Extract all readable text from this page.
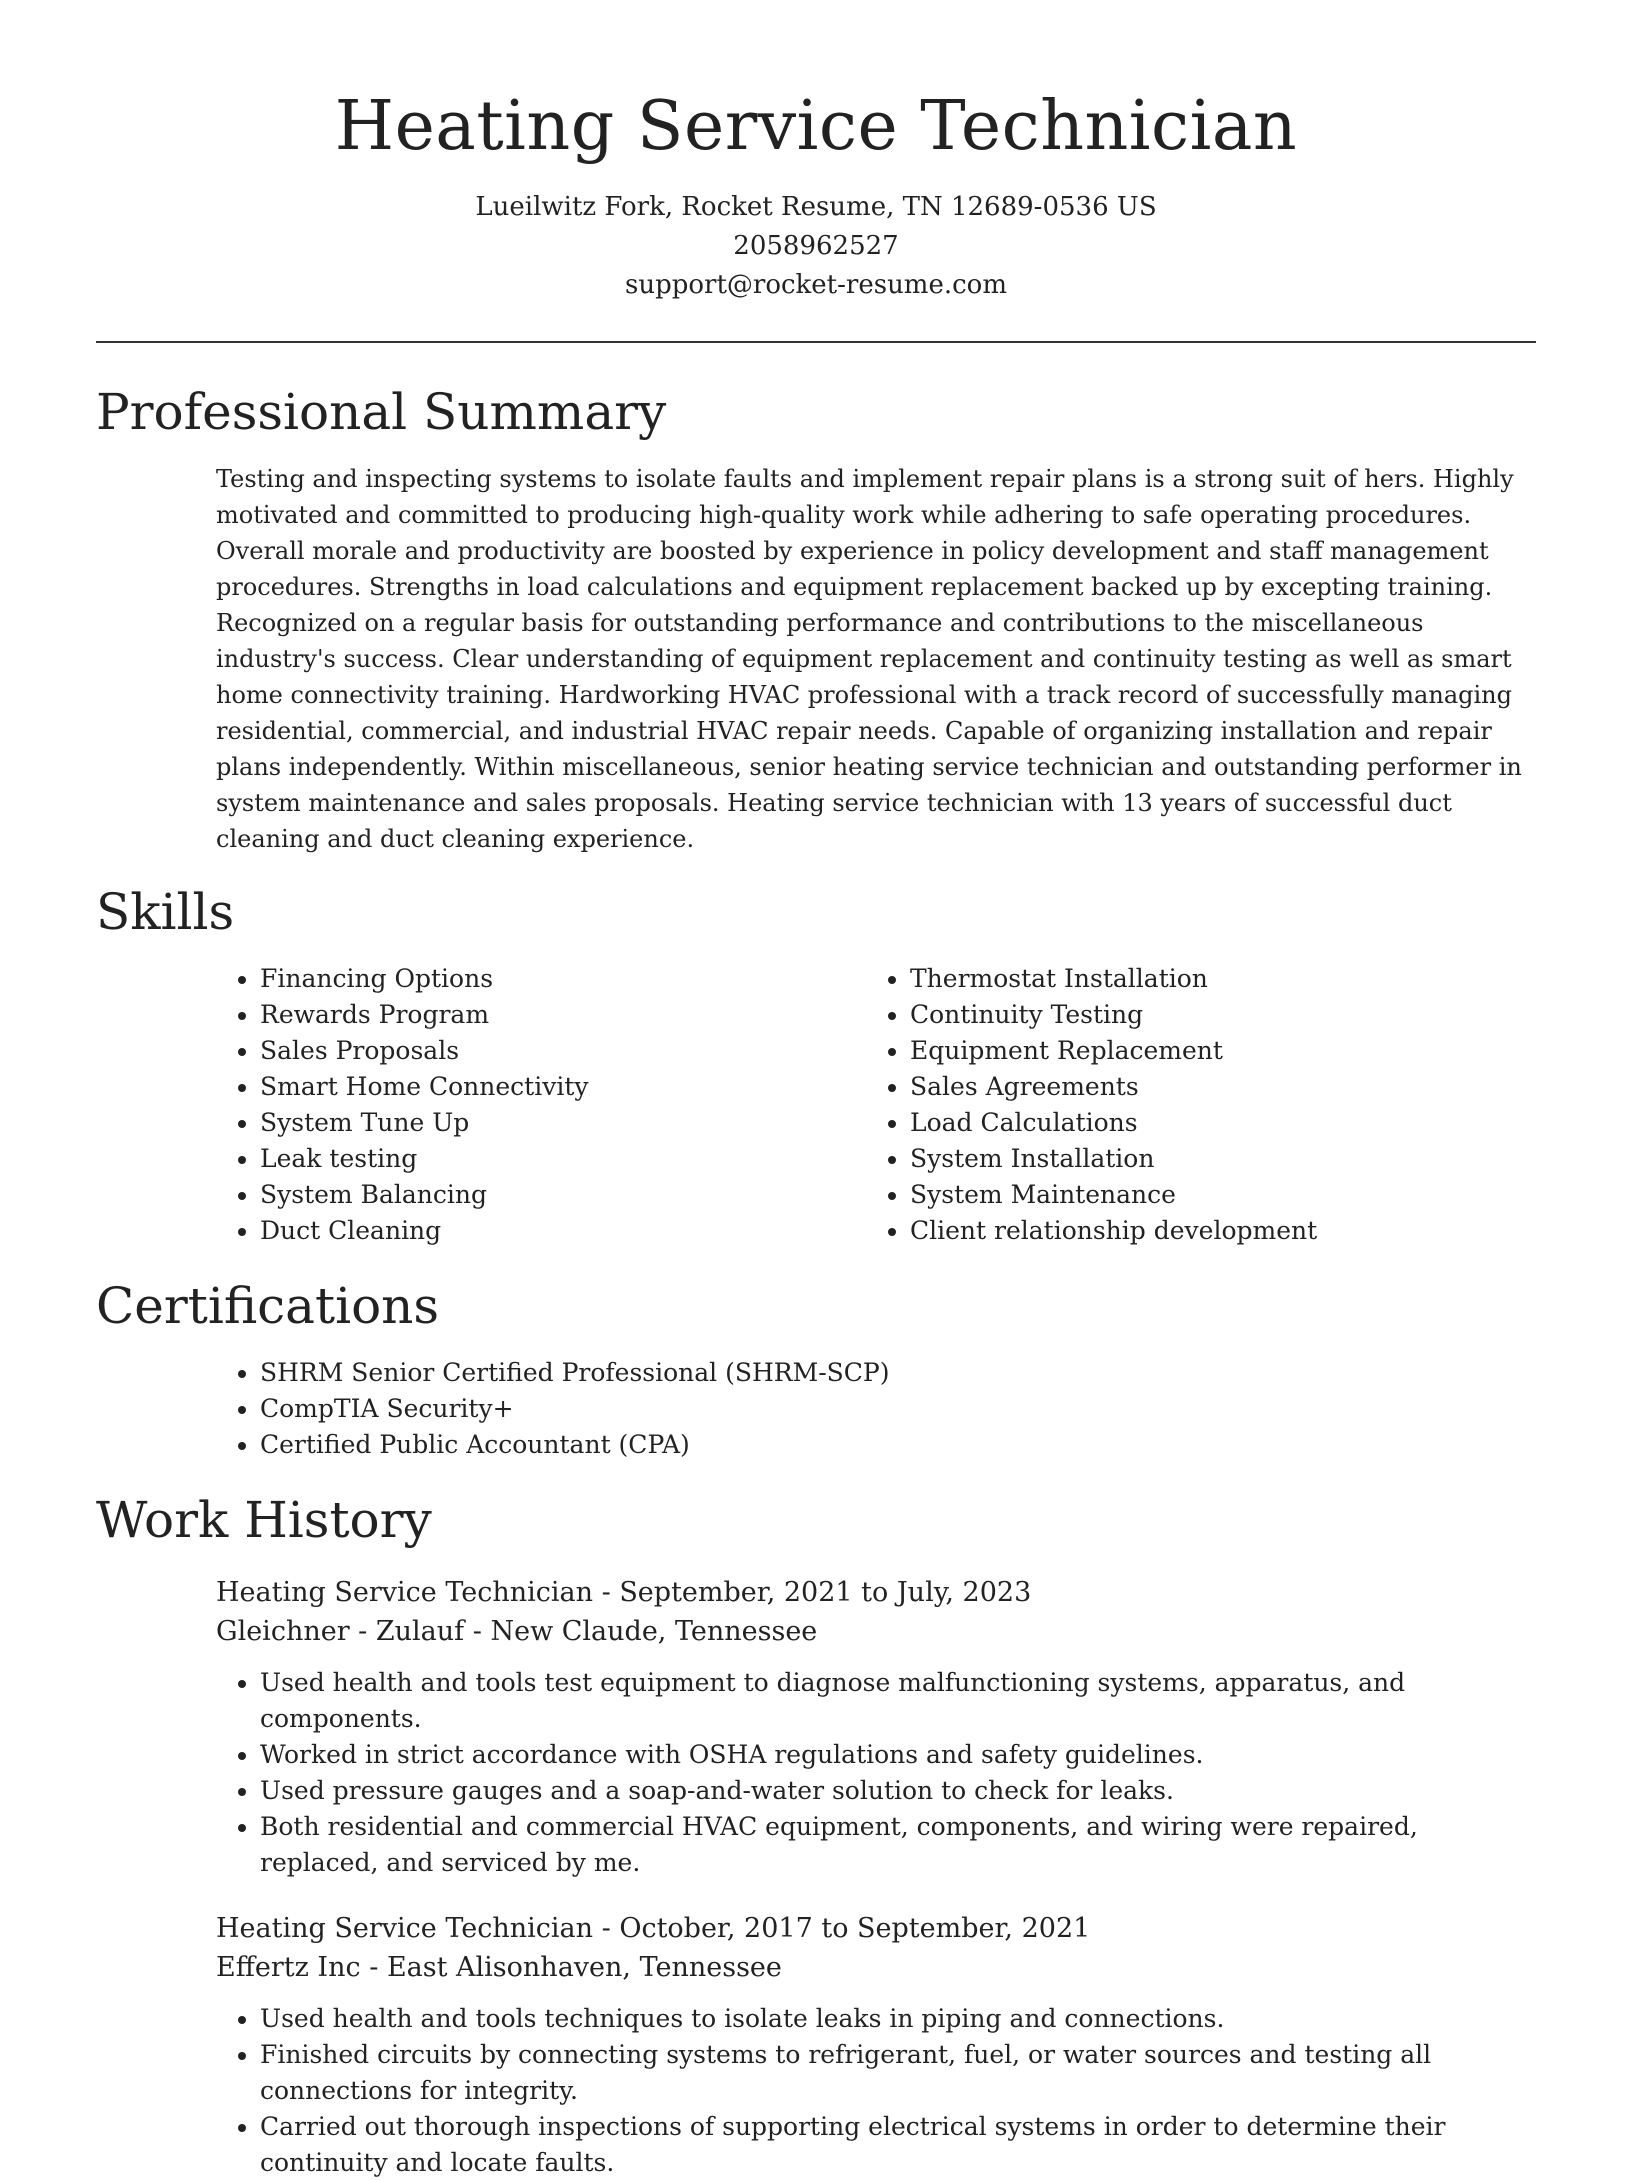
Heating Service Technician
Lueilwitz Fork, Rocket Resume, TN 12689-0536 US
2058962527
support@rocket-resume.com
Professional Summary

Testing and inspecting systems to isolate faults and implement repair plans is a strong suit of hers. Highly motivated and committed to producing high-quality work while adhering to safe operating procedures. Overall morale and productivity are boosted by experience in policy development and staff management procedures. Strengths in load calculations and equipment replacement backed up by excepting training. Recognized on a regular basis for outstanding performance and contributions to the miscellaneous industry's success. Clear understanding of equipment replacement and continuity testing as well as smart home connectivity training. Hardworking HVAC professional with a track record of successfully managing residential, commercial, and industrial HVAC repair needs. Capable of organizing installation and repair plans independently. Within miscellaneous, senior heating service technician and outstanding performer in system maintenance and sales proposals. Heating service technician with 13 years of successful duct cleaning and duct cleaning experience.

Skills
• Financing Options
• Rewards Program
• Sales Proposals
• Smart Home Connectivity
• System Tune Up
• Leak testing
• System Balancing
• Duct Cleaning
• Thermostat Installation
• Continuity Testing
• Equipment Replacement
• Sales Agreements
• Load Calculations
• System Installation
• System Maintenance
• Client relationship development
Certifications
• SHRM Senior Certified Professional (SHRM-SCP)
• CompTIA Security+
• Certified Public Accountant (CPA)
Work History
Heating Service Technician - September, 2021 to July, 2023
Gleichner - Zulauf - New Claude, Tennessee
• Used health and tools test equipment to diagnose malfunctioning systems, apparatus, and components.
• Worked in strict accordance with OSHA regulations and safety guidelines.
• Used pressure gauges and a soap-and-water solution to check for leaks.
• Both residential and commercial HVAC equipment, components, and wiring were repaired, replaced, and serviced by me.
Heating Service Technician - October, 2017 to September, 2021
Effertz Inc - East Alisonhaven, Tennessee
• Used health and tools techniques to isolate leaks in piping and connections.
• Finished circuits by connecting systems to refrigerant, fuel, or water sources and testing all connections for integrity.
• Carried out thorough inspections of supporting electrical systems in order to determine their continuity and locate faults.
